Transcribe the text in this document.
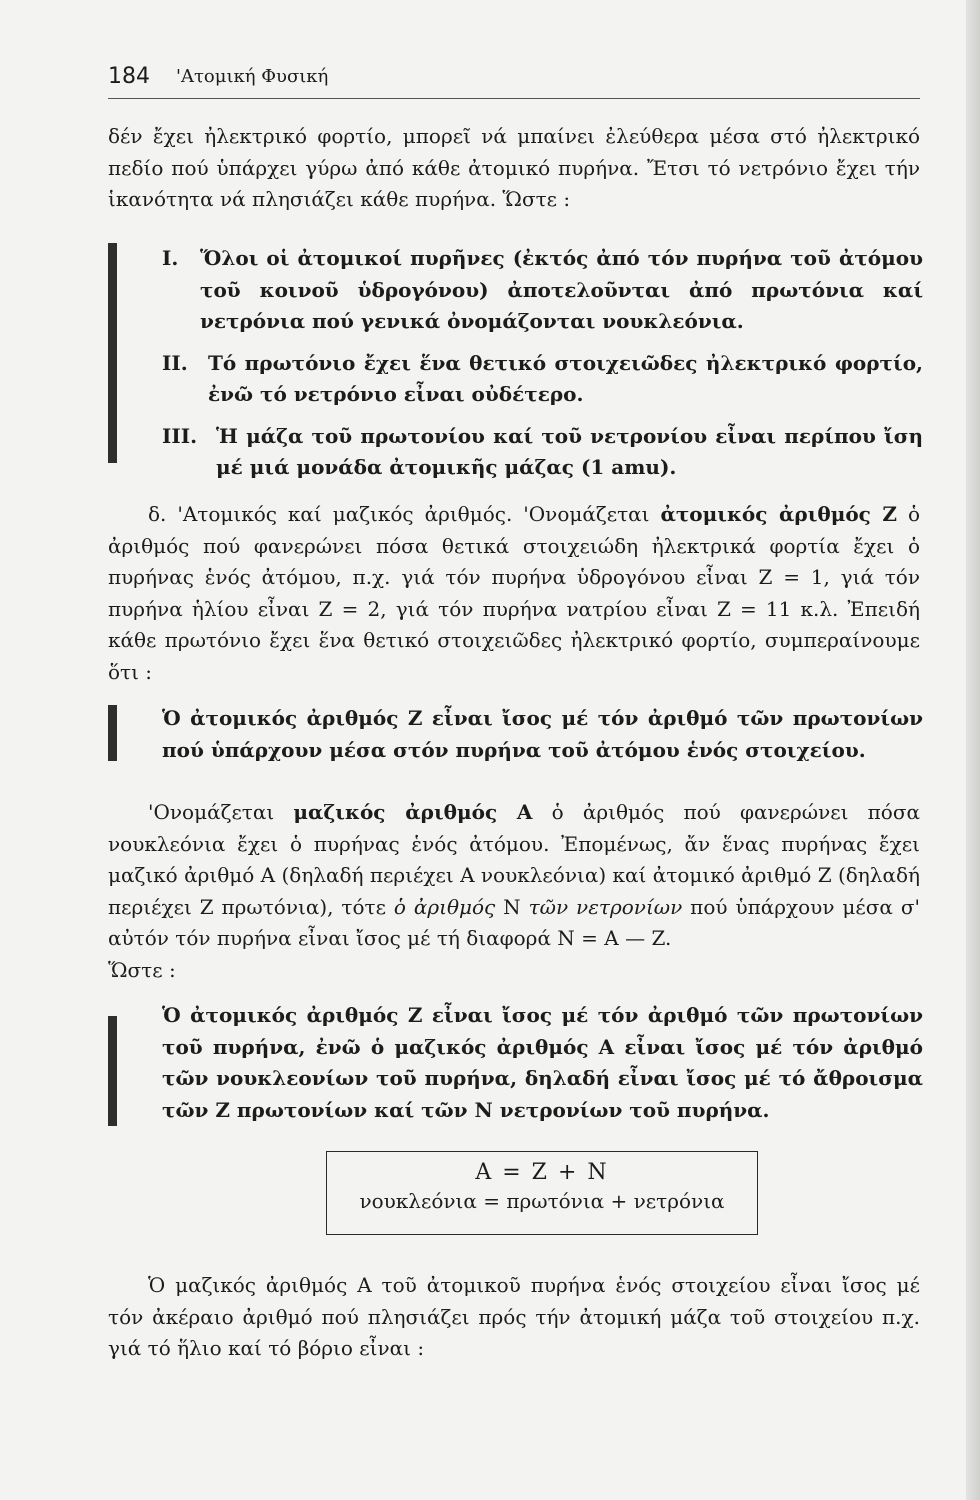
184 'Ατομική Φυσική

δέν ἔχει ἠλεκτρικό φορτίο, μπορεῖ νά μπαίνει ἐλεύθερα μέσα στό ἠλεκτρικό πεδίο πού ὑπάρχει γύρω ἀπό κάθε ἀτομικό πυρήνα. Ἔτσι τό νετρόνιο ἔχει τήν ἱκανότητα νά πλησιάζει κάθε πυρήνα. Ὥστε :

I.	Ὅλοι οἱ ἀτομικοί πυρῆνες (ἐκτός ἀπό τόν πυρήνα τοῦ ἀτόμου τοῦ κοινοῦ ὑδρογόνου) ἀποτελοῦνται ἀπό πρωτόνια καί νετρόνια πού γενικά ὀνομάζονται νουκλεόνια.
II.	Τό πρωτόνιο ἔχει ἕνα θετικό στοιχειῶδες ἠλεκτρικό φορτίο, ἐνῶ τό νετρόνιο εἶναι οὐδέτερο.
III. Ἡ μάζα τοῦ πρωτονίου καί τοῦ νετρονίου εἶναι περίπου ἴση μέ μιά μονάδα ἀτομικῆς μάζας (1 amu).

δ. 'Ατομικός καί μαζικός ἀριθμός. 'Ονομάζεται ἀτομικός ἀριθμός Z ὁ ἀριθμός πού φανερώνει πόσα θετικά στοιχειώδη ἠλεκτρικά φορτία ἔχει ὁ πυρήνας ἑνός ἀτόμου, π.χ. γιά τόν πυρήνα ὑδρογόνου εἶναι Z = 1, γιά τόν πυρήνα ἡλίου εἶναι Z = 2, γιά τόν πυρήνα νατρίου εἶναι Z = 11 κ.λ. Ἐπειδή κάθε πρωτόνιο ἔχει ἕνα θετικό στοιχειῶδες ἠλεκτρικό φορτίο, συμπεραίνουμε ὅτι :

Ὁ ἀτομικός ἀριθμός Z εἶναι ἴσος μέ τόν ἀριθμό τῶν πρωτονίων πού ὑπάρχουν μέσα στόν πυρήνα τοῦ ἀτόμου ἑνός στοιχείου.

'Ονομάζεται μαζικός ἀριθμός A ὁ ἀριθμός πού φανερώνει πόσα νουκλεόνια ἔχει ὁ πυρήνας ἑνός ἀτόμου. Ἐπομένως, ἄν ἕνας πυρήνας ἔχει μαζικό ἀριθμό A (δηλαδή περιέχει A νουκλεόνια) καί ἀτομικό ἀριθμό Z (δηλαδή περιέχει Z πρωτόνια), τότε ὁ ἀριθμός N τῶν νετρονίων πού ὑπάρχουν μέσα σ' αὐτόν τόν πυρήνα εἶναι ἴσος μέ τή διαφορά N = A — Z.
Ὥστε :

Ὁ ἀτομικός ἀριθμός Z εἶναι ἴσος μέ τόν ἀριθμό τῶν πρωτονίων τοῦ πυρήνα, ἐνῶ ὁ μαζικός ἀριθμός A εἶναι ἴσος μέ τόν ἀριθμό τῶν νουκλεονίων τοῦ πυρήνα, δηλαδή εἶναι ἴσος μέ τό ἄθροισμα τῶν Z πρωτονίων καί τῶν N νετρονίων τοῦ πυρήνα.
A = Z + N
νουκλεόνια = πρωτόνια + νετρόνια

Ὁ μαζικός ἀριθμός A τοῦ ἀτομικοῦ πυρήνα ἑνός στοιχείου εἶναι ἴσος μέ τόν ἀκέραιο ἀριθμό πού πλησιάζει πρός τήν ἀτομική μάζα τοῦ στοιχείου π.χ. γιά τό ἥλιο καί τό βόριο εἶναι :
